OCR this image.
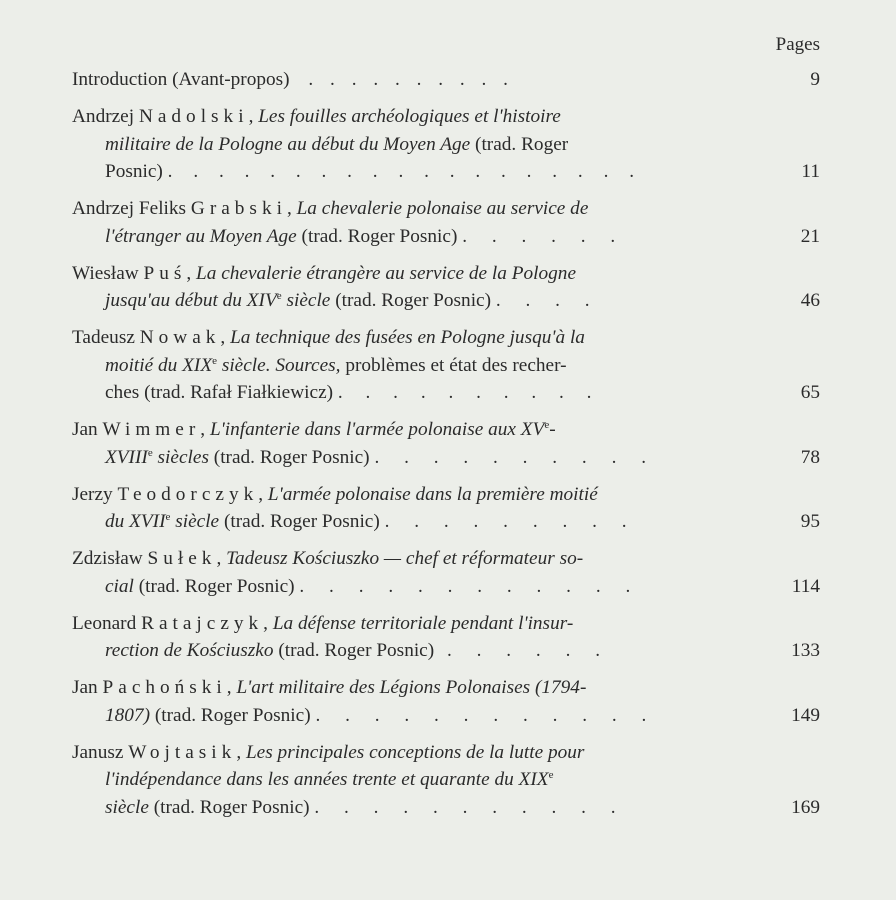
Pages
Introduction (Avant-propos) . . . . . . . . . .	9
Andrzej Nadolski, Les fouilles archéologiques et l'histoire
militaire de la Pologne au début du Moyen Age (trad. Roger
Posnic) . . . . . . . . . . . . . . . . . . .	11
Andrzej Feliks Grabski, La chevalerie polonaise au service de
l'étranger au Moyen Age (trad. Roger Posnic) . . . . . .	21
Wiesław Puś, La chevalerie étrangère au service de la Pologne
jusqu'au début du XIVe siècle (trad. Roger Posnic) . . . .	46
Tadeusz Nowak, La technique des fusées en Pologne jusqu'à la
moitié du XIXe siècle. Sources, problèmes et état des recher-
ches (trad. Rafał Fiałkiewicz) . . . . . . . . . .	65
Jan Wimmer, L'infanterie dans l'armée polonaise aux XVe-
XVIIIe siècles (trad. Roger Posnic) . . . . . . . . . .	78
Jerzy Teodorczyk, L'armée polonaise dans la première moitié
du XVIIe siècle (trad. Roger Posnic) . . . . . . . . .	95
Zdzisław Sułek, Tadeusz Kościuszko — chef et réformateur so-
cial (trad. Roger Posnic) . . . . . . . . . . . .	114
Leonard Ratajczyk, La défense territoriale pendant l'insur-
rection de Kościuszko (trad. Roger Posnic) . . . . . .	133
Jan Pachoński, L'art militaire des Légions Polonaises (1794-
1807) (trad. Roger Posnic) . . . . . . . . . . . .	149
Janusz Wojtasik, Les principales conceptions de la lutte pour
l'indépendance dans les années trente et quarante du XIXe
siècle (trad. Roger Posnic) . . . . . . . . . . .	169
